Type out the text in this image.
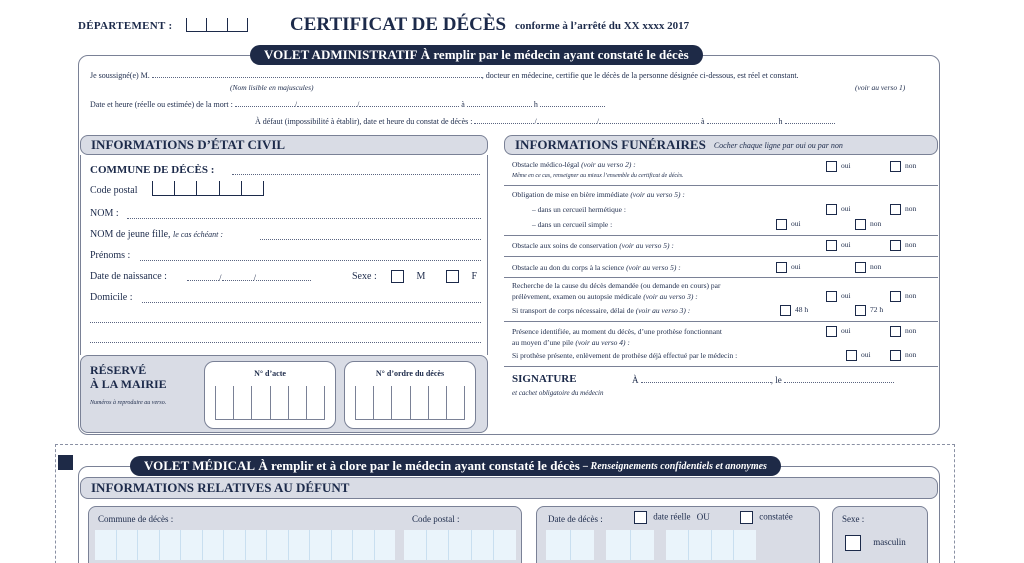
DÉPARTEMENT :	CERTIFICAT DE DÉCÈS conforme à l’arrêté du XX xxxx 2017
VOLET ADMINISTRATIF
À remplir par le médecin ayant constaté le décès
Je soussigné(e) M.	, docteur en médecine, certifie que le décès de la personne désignée ci-dessous, est réel et constant.
(Nom lisible en majuscules)	(voir au verso 1)
Date et heure (réelle ou estimée) de la mort :	/	/	à	h
À défaut (impossibilité à établir), date et heure du constat de décès :	/	/	à	h
INFORMATIONS D’ÉTAT CIVIL
COMMUNE DE DÉCÈS :
Code postal
NOM :
NOM de jeune fille, le cas échéant :
Prénoms :
Date de naissance :	/	/	Sexe :	M	F
Domicile :
RÉSERVÉ
À LA MAIRIE
Numéros à reproduire au verso.
N° d’acte	N° d’ordre du décès
INFORMATIONS FUNÉRAIRES Cocher chaque ligne par oui ou par non
Obstacle médico-légal (voir au verso 2) :
Même en ce cas, renseigner au mieux l’ensemble du certificat de décès.
oui	non
Obligation de mise en bière immédiate (voir au verso 5) :
– dans un cercueil hermétique :	oui	non
– dans un cercueil simple :	oui	non
Obstacle aux soins de conservation (voir au verso 5) :	oui	non
Obstacle au don du corps à la science (voir au verso 5) :	oui	non
Recherche de la cause du décès demandée (ou demande en cours) par
prélèvement, examen ou autopsie médicale (voir au verso 3) :	oui	non
Si transport de corps nécessaire, délai de (voir au verso 3) :	48 h	72 h
Présence identifiée, au moment du décès, d’une prothèse fonctionnant
au moyen d’une pile (voir au verso 4) :
oui	non
Si prothèse présente, enlèvement de prothèse déjà effectué par le médecin :	oui	non
SIGNATURE	À	, le
et cachet obligatoire du médecin
VOLET MÉDICAL
À remplir et à clore par le médecin ayant constaté le décès
– Renseignements confidentiels et anonymes
INFORMATIONS RELATIVES AU DÉFUNT
Commune de décès :	Code postal :	Date de décès :	date réelle OU	constatée	Sexe :
masculin
